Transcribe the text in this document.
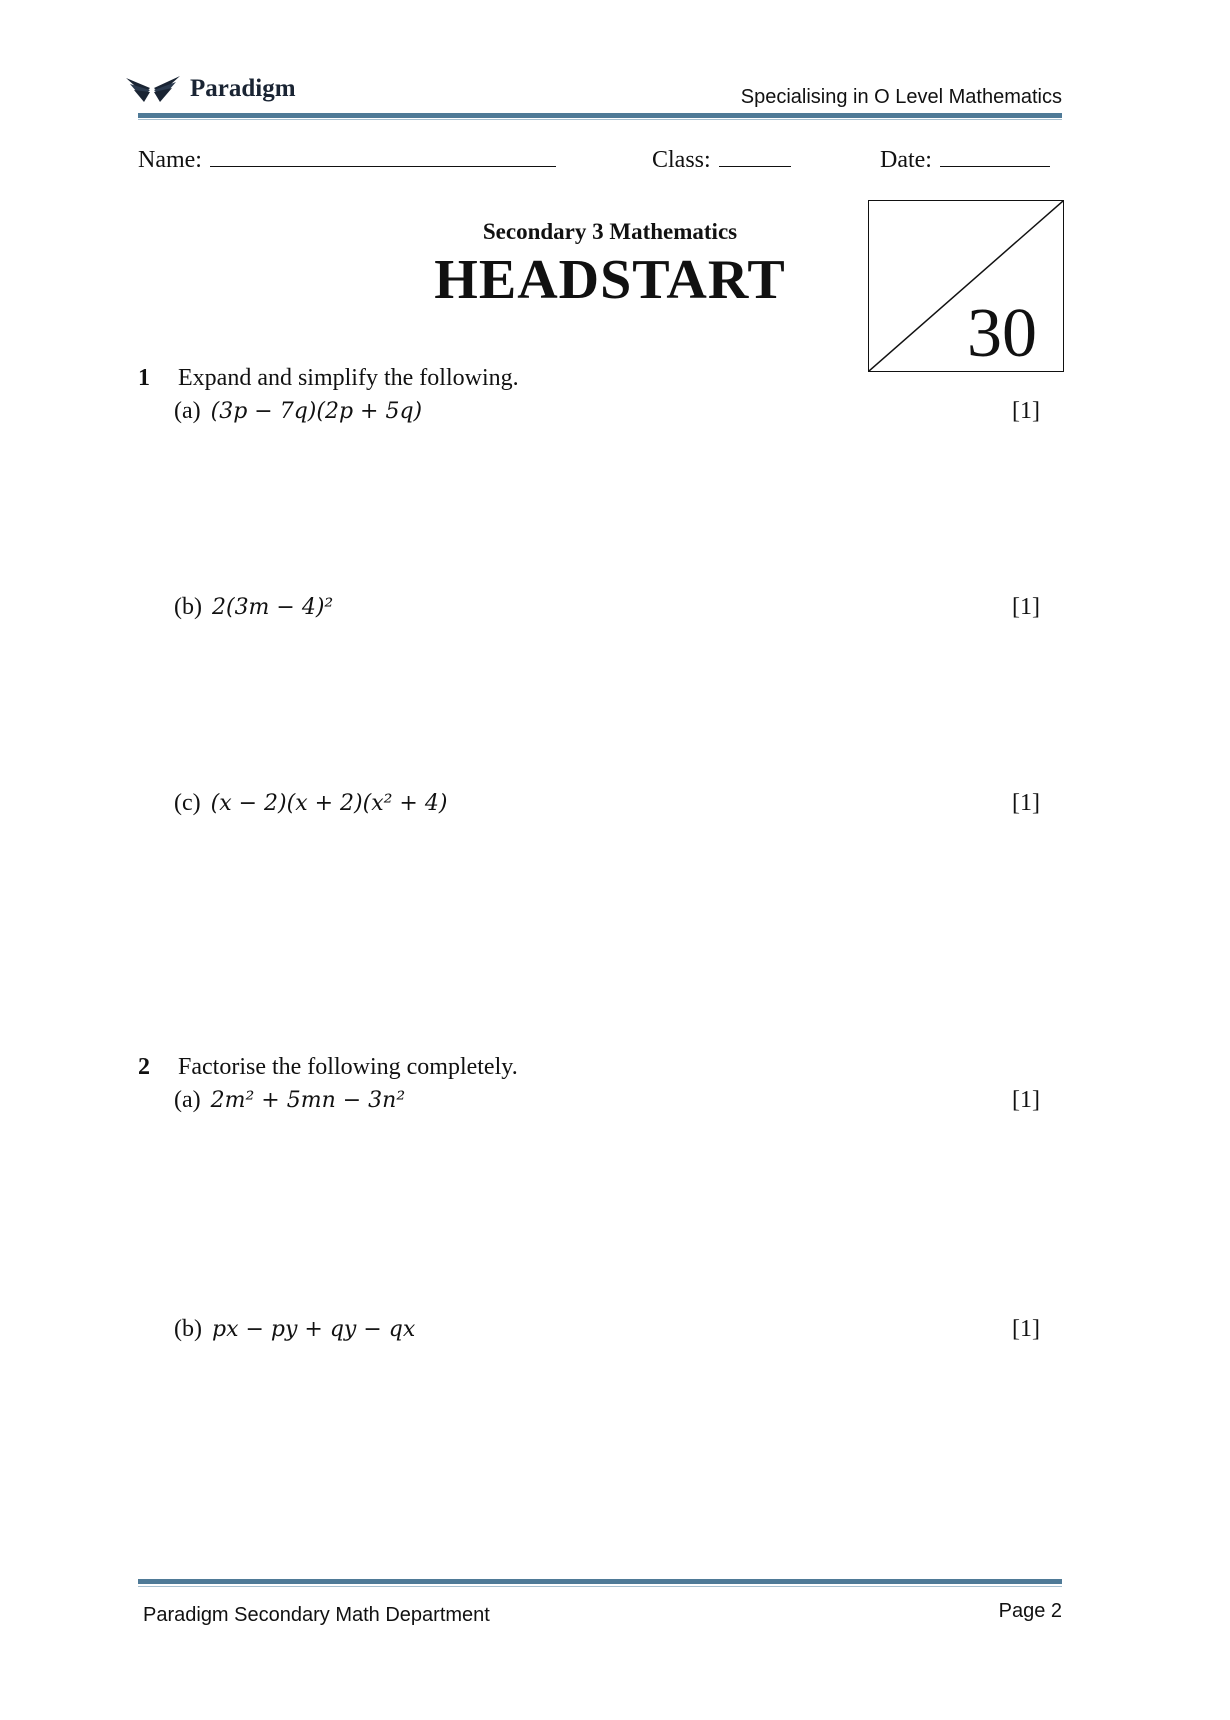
Paradigm	Specialising in O Level Mathematics
Name:	Class:	Date:
Secondary 3 Mathematics
HEADSTART
30
1 Expand and simplify the following.
(a) (3p − 7q)(2p + 5q)	[1]
(b) 2(3m − 4)²	[1]
(c) (x − 2)(x + 2)(x² + 4)	[1]
2 Factorise the following completely.
(a) 2m² + 5mn − 3n²	[1]
(b) px − py + qy − qx	[1]
Paradigm Secondary Math Department	Page 2
